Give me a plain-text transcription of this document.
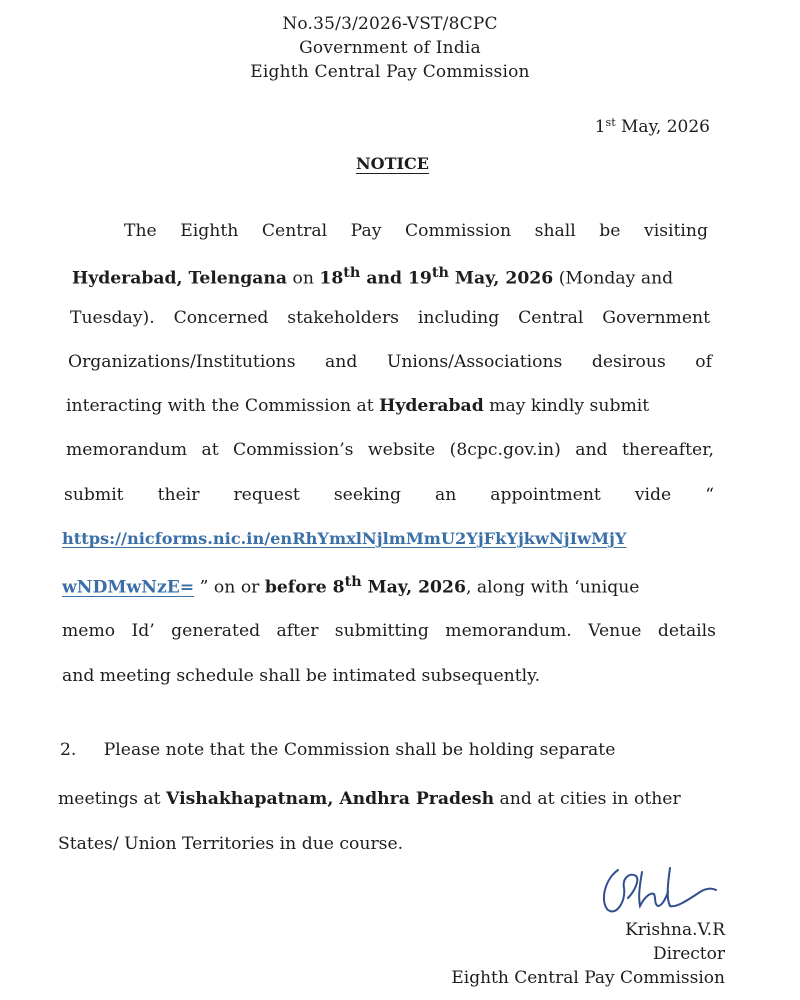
No.35/3/2026-VST/8CPC
Government of India
Eighth Central Pay Commission
1st May, 2026
NOTICE
The Eighth Central Pay Commission shall be visiting
Hyderabad, Telengana on 18th and 19th May, 2026 (Monday and
Tuesday). Concerned stakeholders including Central Government
Organizations/Institutions and Unions/Associations desirous of
interacting with the Commission at Hyderabad may kindly submit
memorandum at Commission’s website (8cpc.gov.in) and thereafter,
submit their request seeking an appointment vide “
https://nicforms.nic.in/enRhYmxlNjlmMmU2YjFkYjkwNjIwMjY
wNDMwNzE= ” on or before 8th May, 2026, along with ‘unique
memo Id’ generated after submitting memorandum. Venue details
and meeting schedule shall be intimated subsequently.
2.     Please note that the Commission shall be holding separate
meetings at Vishakhapatnam, Andhra Pradesh and at cities in other
States/ Union Territories in due course.
Krishna.V.R
Director
Eighth Central Pay Commission
